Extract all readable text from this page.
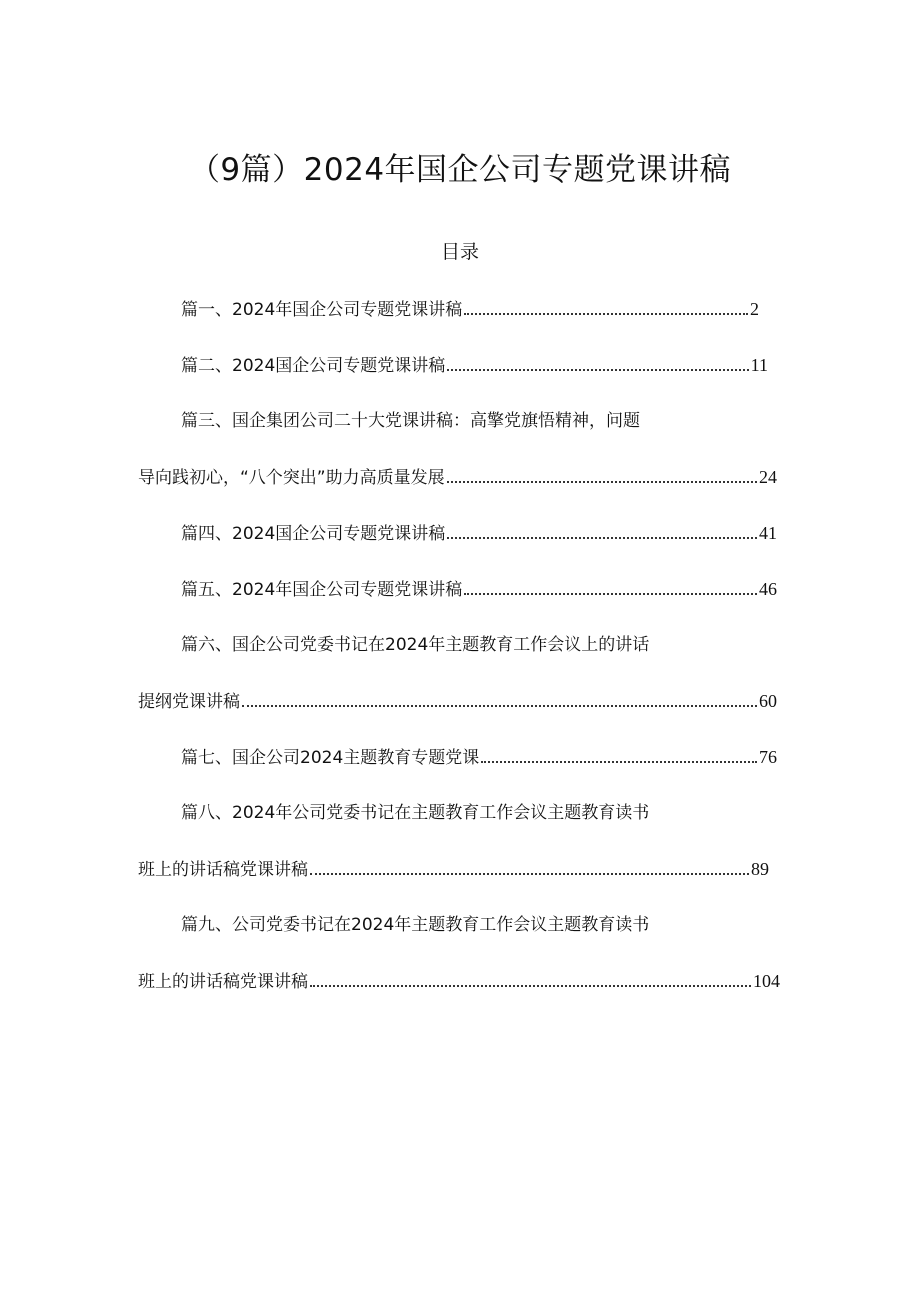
（9篇）2024年国企公司专题党课讲稿
目录
篇一、2024年国企公司专题党课讲稿	2
篇二、2024国企公司专题党课讲稿	11
篇三、国企集团公司二十大党课讲稿：高擎党旗悟精神，问题
导向践初心，“八个突出”助力高质量发展	24
篇四、2024国企公司专题党课讲稿	41
篇五、2024年国企公司专题党课讲稿	46
篇六、国企公司党委书记在2024年主题教育工作会议上的讲话
提纲党课讲稿	60
篇七、国企公司2024主题教育专题党课	76
篇八、2024年公司党委书记在主题教育工作会议主题教育读书
班上的讲话稿党课讲稿	89
篇九、公司党委书记在2024年主题教育工作会议主题教育读书
班上的讲话稿党课讲稿	104
